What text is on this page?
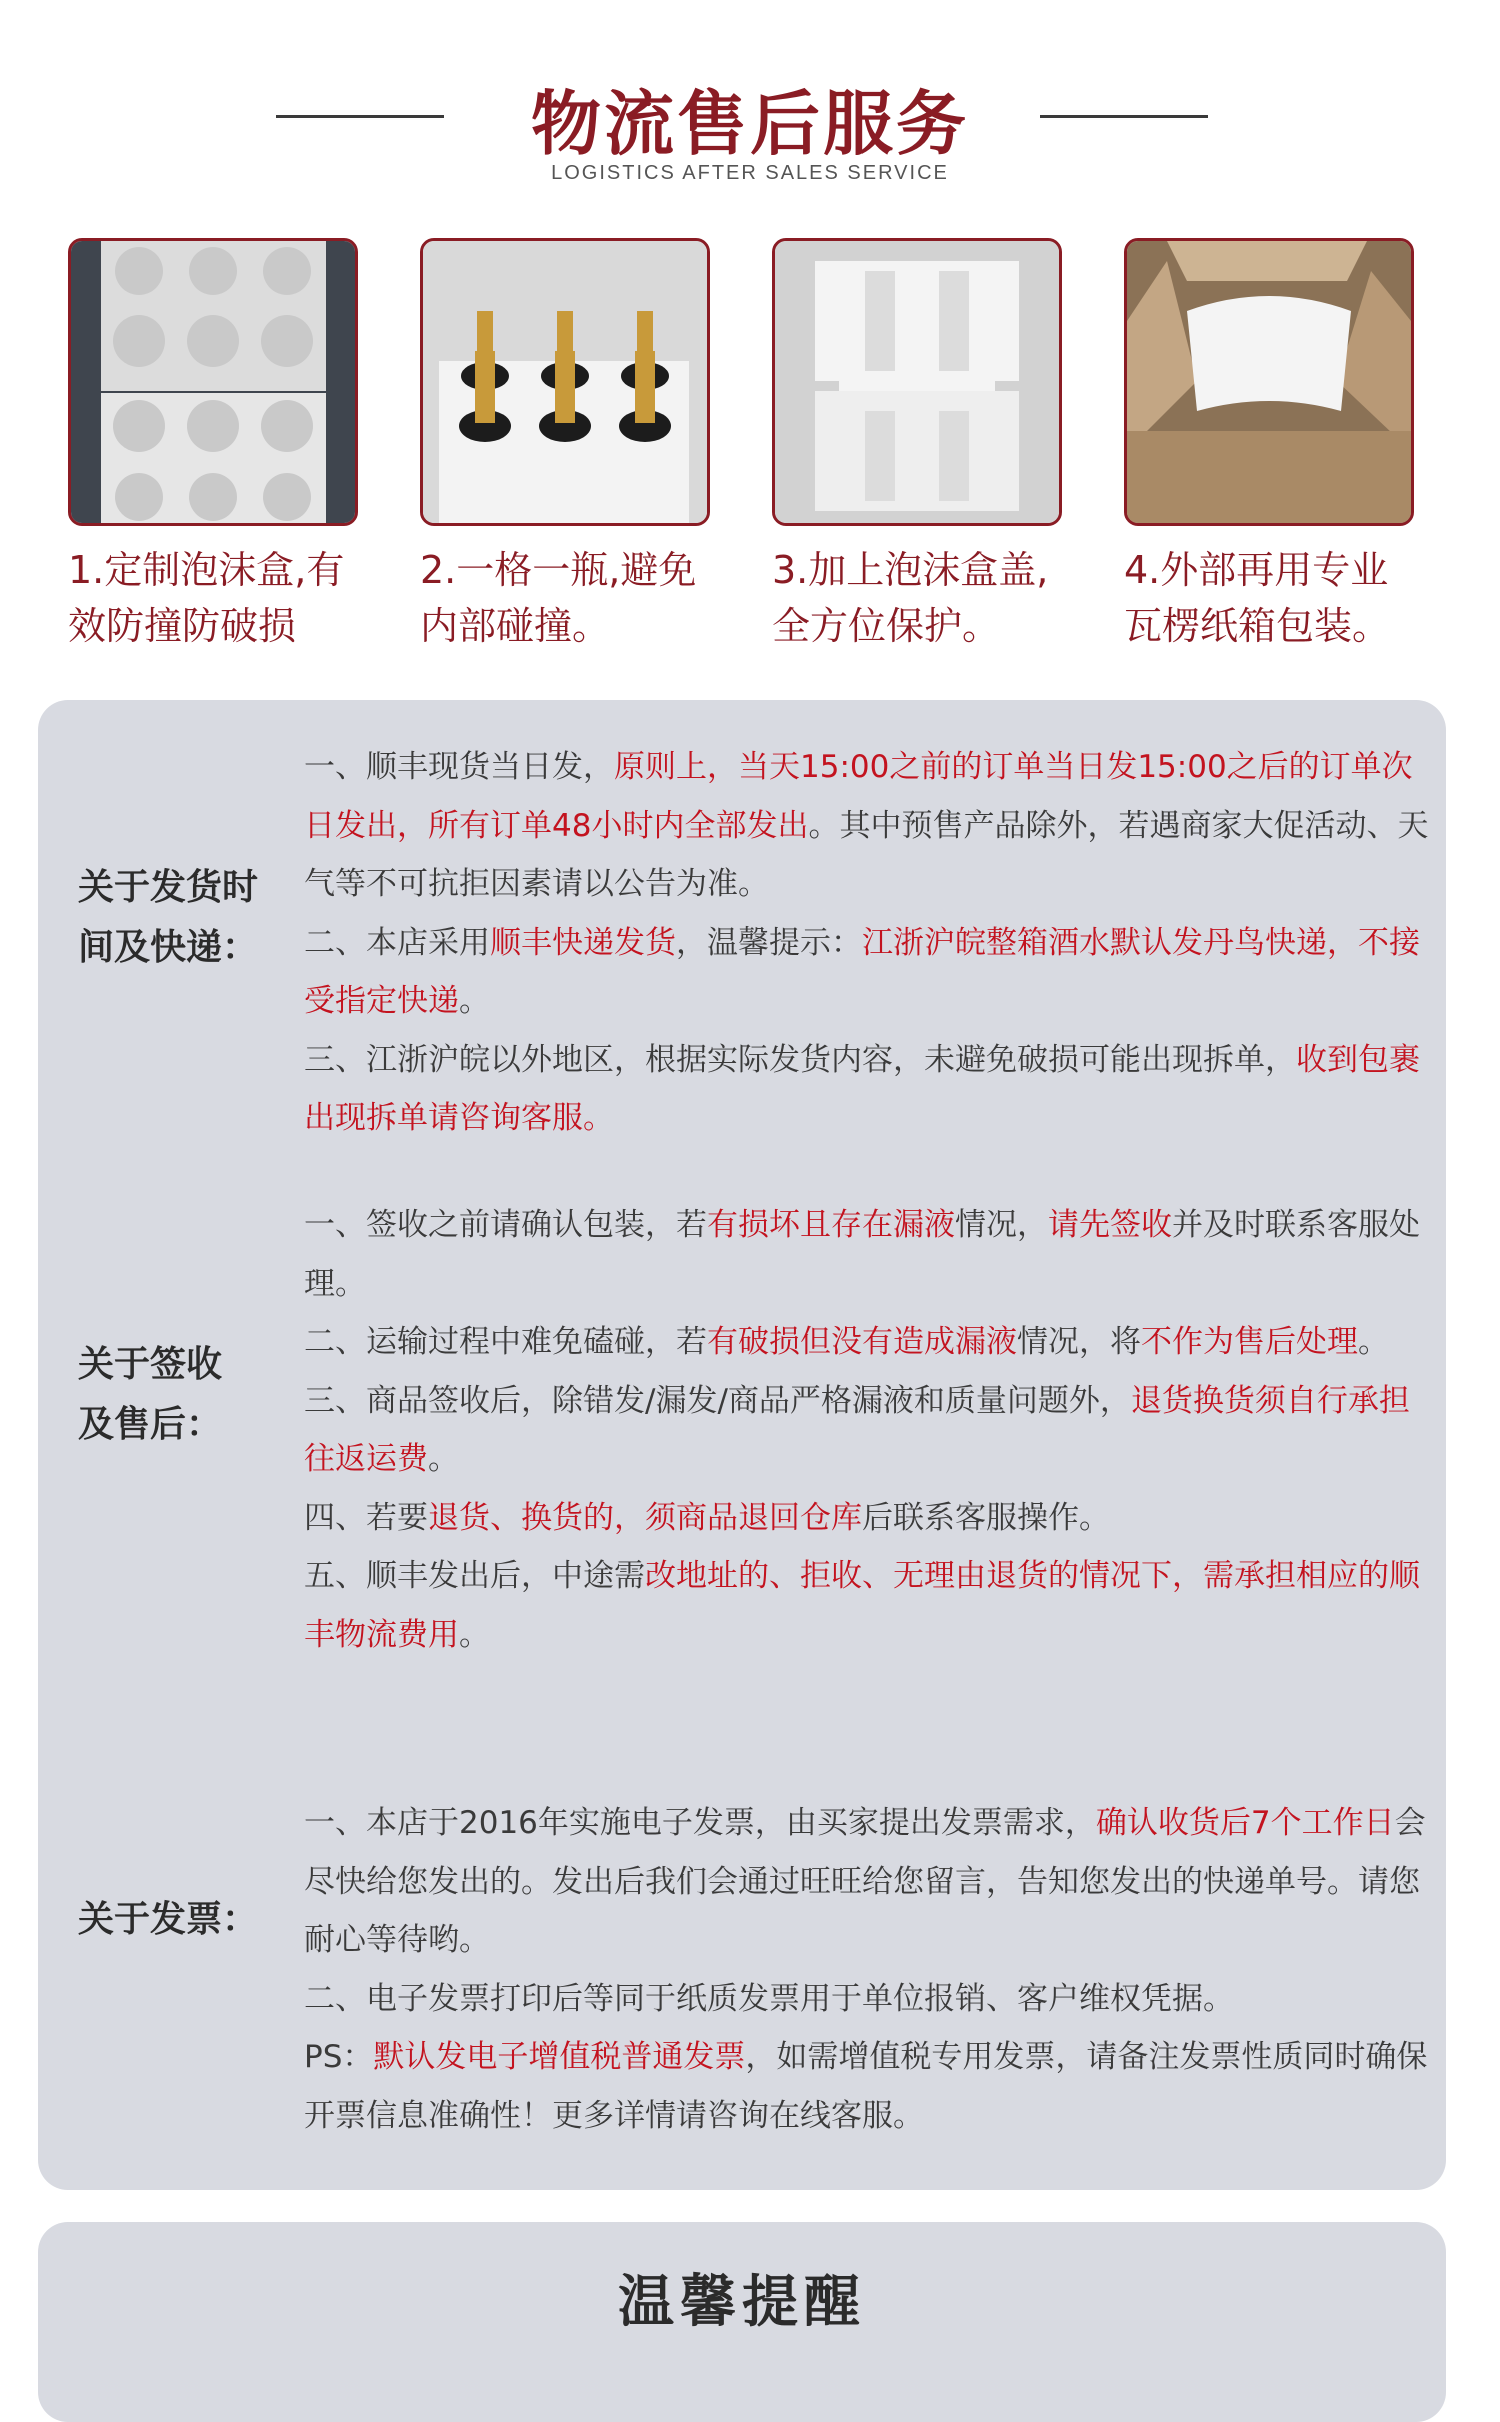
物流售后服务
LOGISTICS AFTER SALES SERVICE
1.定制泡沫盒,有
效防撞防破损
2.一格一瓶,避免
内部碰撞。
3.加上泡沫盒盖,
全方位保护。
4.外部再用专业
瓦楞纸箱包装。
关于发货时
间及快递：

一、顺丰现货当日发，原则上，当天15:00之前的订单当日发15:00之后的订单次日发出，所有订单48小时内全部发出。其中预售产品除外，若遇商家大促活动、天气等不可抗拒因素请以公告为准。

二、本店采用顺丰快递发货，温馨提示：江浙沪皖整箱酒水默认发丹鸟快递，不接受指定快递。

三、江浙沪皖以外地区，根据实际发货内容，未避免破损可能出现拆单，收到包裹出现拆单请咨询客服。

关于签收
及售后：

一、签收之前请确认包装，若有损坏且存在漏液情况，请先签收并及时联系客服处理。

二、运输过程中难免磕碰，若有破损但没有造成漏液情况，将不作为售后处理。

三、商品签收后，除错发/漏发/商品严格漏液和质量问题外，退货换货须自行承担往返运费。

四、若要退货、换货的，须商品退回仓库后联系客服操作。

五、顺丰发出后，中途需改地址的、拒收、无理由退货的情况下，需承担相应的顺丰物流费用。

关于发票：

一、本店于2016年实施电子发票，由买家提出发票需求，确认收货后7个工作日会尽快给您发出的。发出后我们会通过旺旺给您留言，告知您发出的快递单号。请您耐心等待哟。

二、电子发票打印后等同于纸质发票用于单位报销、客户维权凭据。

PS：默认发电子增值税普通发票，如需增值税专用发票，请备注发票性质同时确保开票信息准确性！更多详情请咨询在线客服。

温馨提醒
